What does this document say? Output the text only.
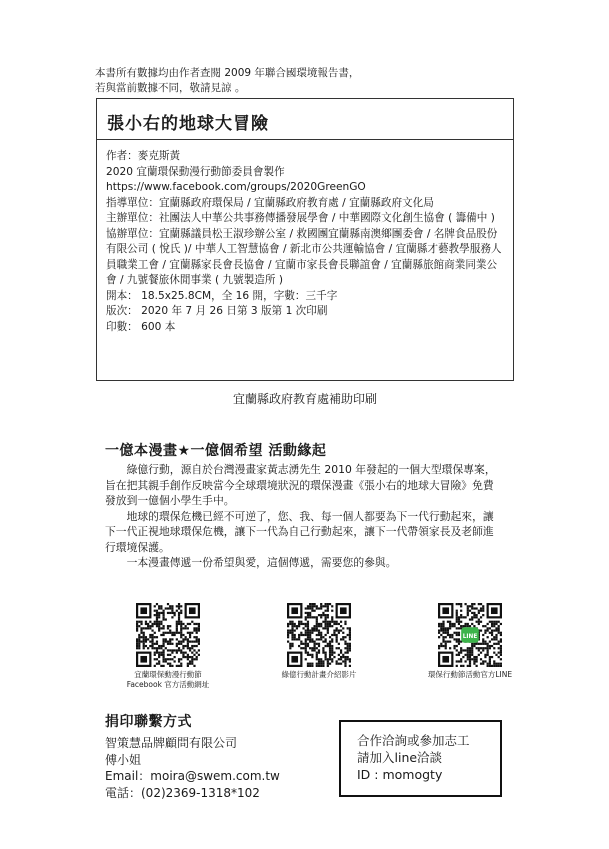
本書所有數據均由作者查閱 2009 年聯合國環境報告書，
若與當前數據不同，敬請見諒 。
張小右的地球大冒險
作者：麥克斯黃
2020 宜蘭環保動漫行動節委員會製作
https://www.facebook.com/groups/2020GreenGO
指導單位：宜蘭縣政府環保局 / 宜蘭縣政府教育處 / 宜蘭縣政府文化局
主辦單位：社團法人中華公共事務傳播發展學會 / 中華國際文化創生協會 ( 籌備中 )
協辦單位：宜蘭縣議員松王淑珍辦公室 / 救國團宜蘭縣南澳鄉團委會 / 名牌食品股份有限公司 ( 悅氏 )/ 中華人工智慧協會 / 新北市公共運輸協會 / 宜蘭縣才藝教學服務人員職業工會 / 宜蘭縣家長會長協會 / 宜蘭市家長會長聯誼會 / 宜蘭縣旅館商業同業公會 / 九號餐旅休閒事業 ( 九號製造所 )
開本： 18.5x25.8CM，全 16 開，字數：三千字
版次： 2020 年 7 月 26 日第 3 版第 1 次印刷
印數： 600 本
宜蘭縣政府教育處補助印刷
一億本漫畫★一億個希望 活動緣起

綠億行動，源自於台灣漫畫家黃志湧先生 2010 年發起的一個大型環保專案，旨在把其親手創作反映當今全球環境狀況的環保漫畫《張小右的地球大冒險》免費發放到一億個小學生手中。

地球的環保危機已經不可逆了，您、我、每一個人都要為下一代行動起來，讓下一代正視地球環保危機，讓下一代為自己行動起來，讓下一代帶領家長及老師進行環境保護。

一本漫畫傳遞一份希望與愛，這個傳遞，需要您的參與。

宜蘭環保動漫行動節
Facebook 官方活動網址
綠億行動計畫介紹影片
LINE
環保行動節活動官方LINE
捐印聯繫方式
智策慧品牌顧問有限公司
傅小姐
Email：moira@swem.com.tw
電話：(02)2369-1318*102
合作洽詢或參加志工
請加入line洽談
ID : momogty
